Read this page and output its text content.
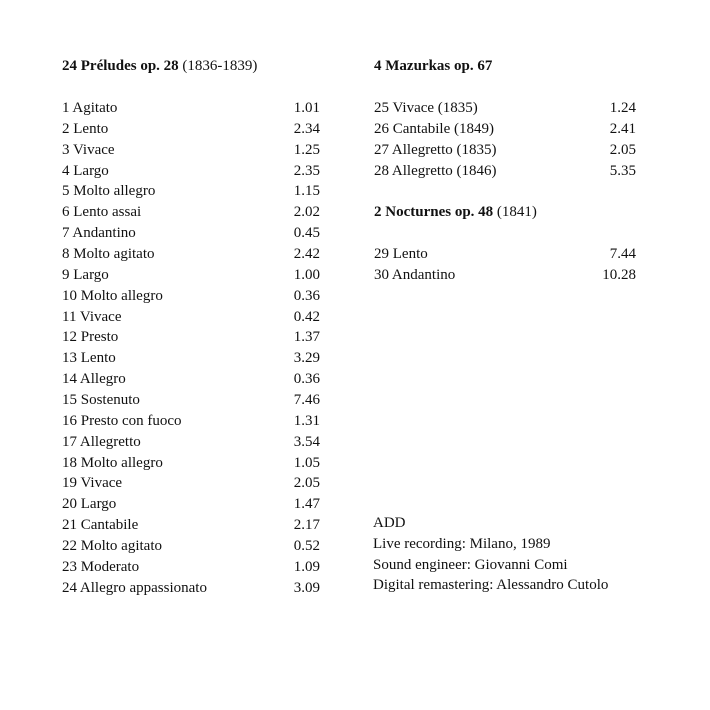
24 Préludes op. 28 (1836-1839)
1 Agitato	1.01
2 Lento	2.34
3 Vivace	1.25
4 Largo	2.35
5 Molto allegro	1.15
6 Lento assai	2.02
7 Andantino	0.45
8 Molto agitato	2.42
9 Largo	1.00
10 Molto allegro	0.36
11 Vivace	0.42
12 Presto	1.37
13 Lento	3.29
14 Allegro	0.36
15 Sostenuto	7.46
16 Presto con fuoco	1.31
17 Allegretto	3.54
18 Molto allegro	1.05
19 Vivace	2.05
20 Largo	1.47
21 Cantabile	2.17
22 Molto agitato	0.52
23 Moderato	1.09
24 Allegro appassionato	3.09
4 Mazurkas op. 67
25 Vivace (1835)	1.24
26 Cantabile (1849)	2.41
27 Allegretto (1835)	2.05
28 Allegretto (1846)	5.35
2 Nocturnes op. 48 (1841)
29 Lento	7.44
30 Andantino	10.28
ADD
Live recording: Milano, 1989
Sound engineer: Giovanni Comi
Digital remastering: Alessandro Cutolo
